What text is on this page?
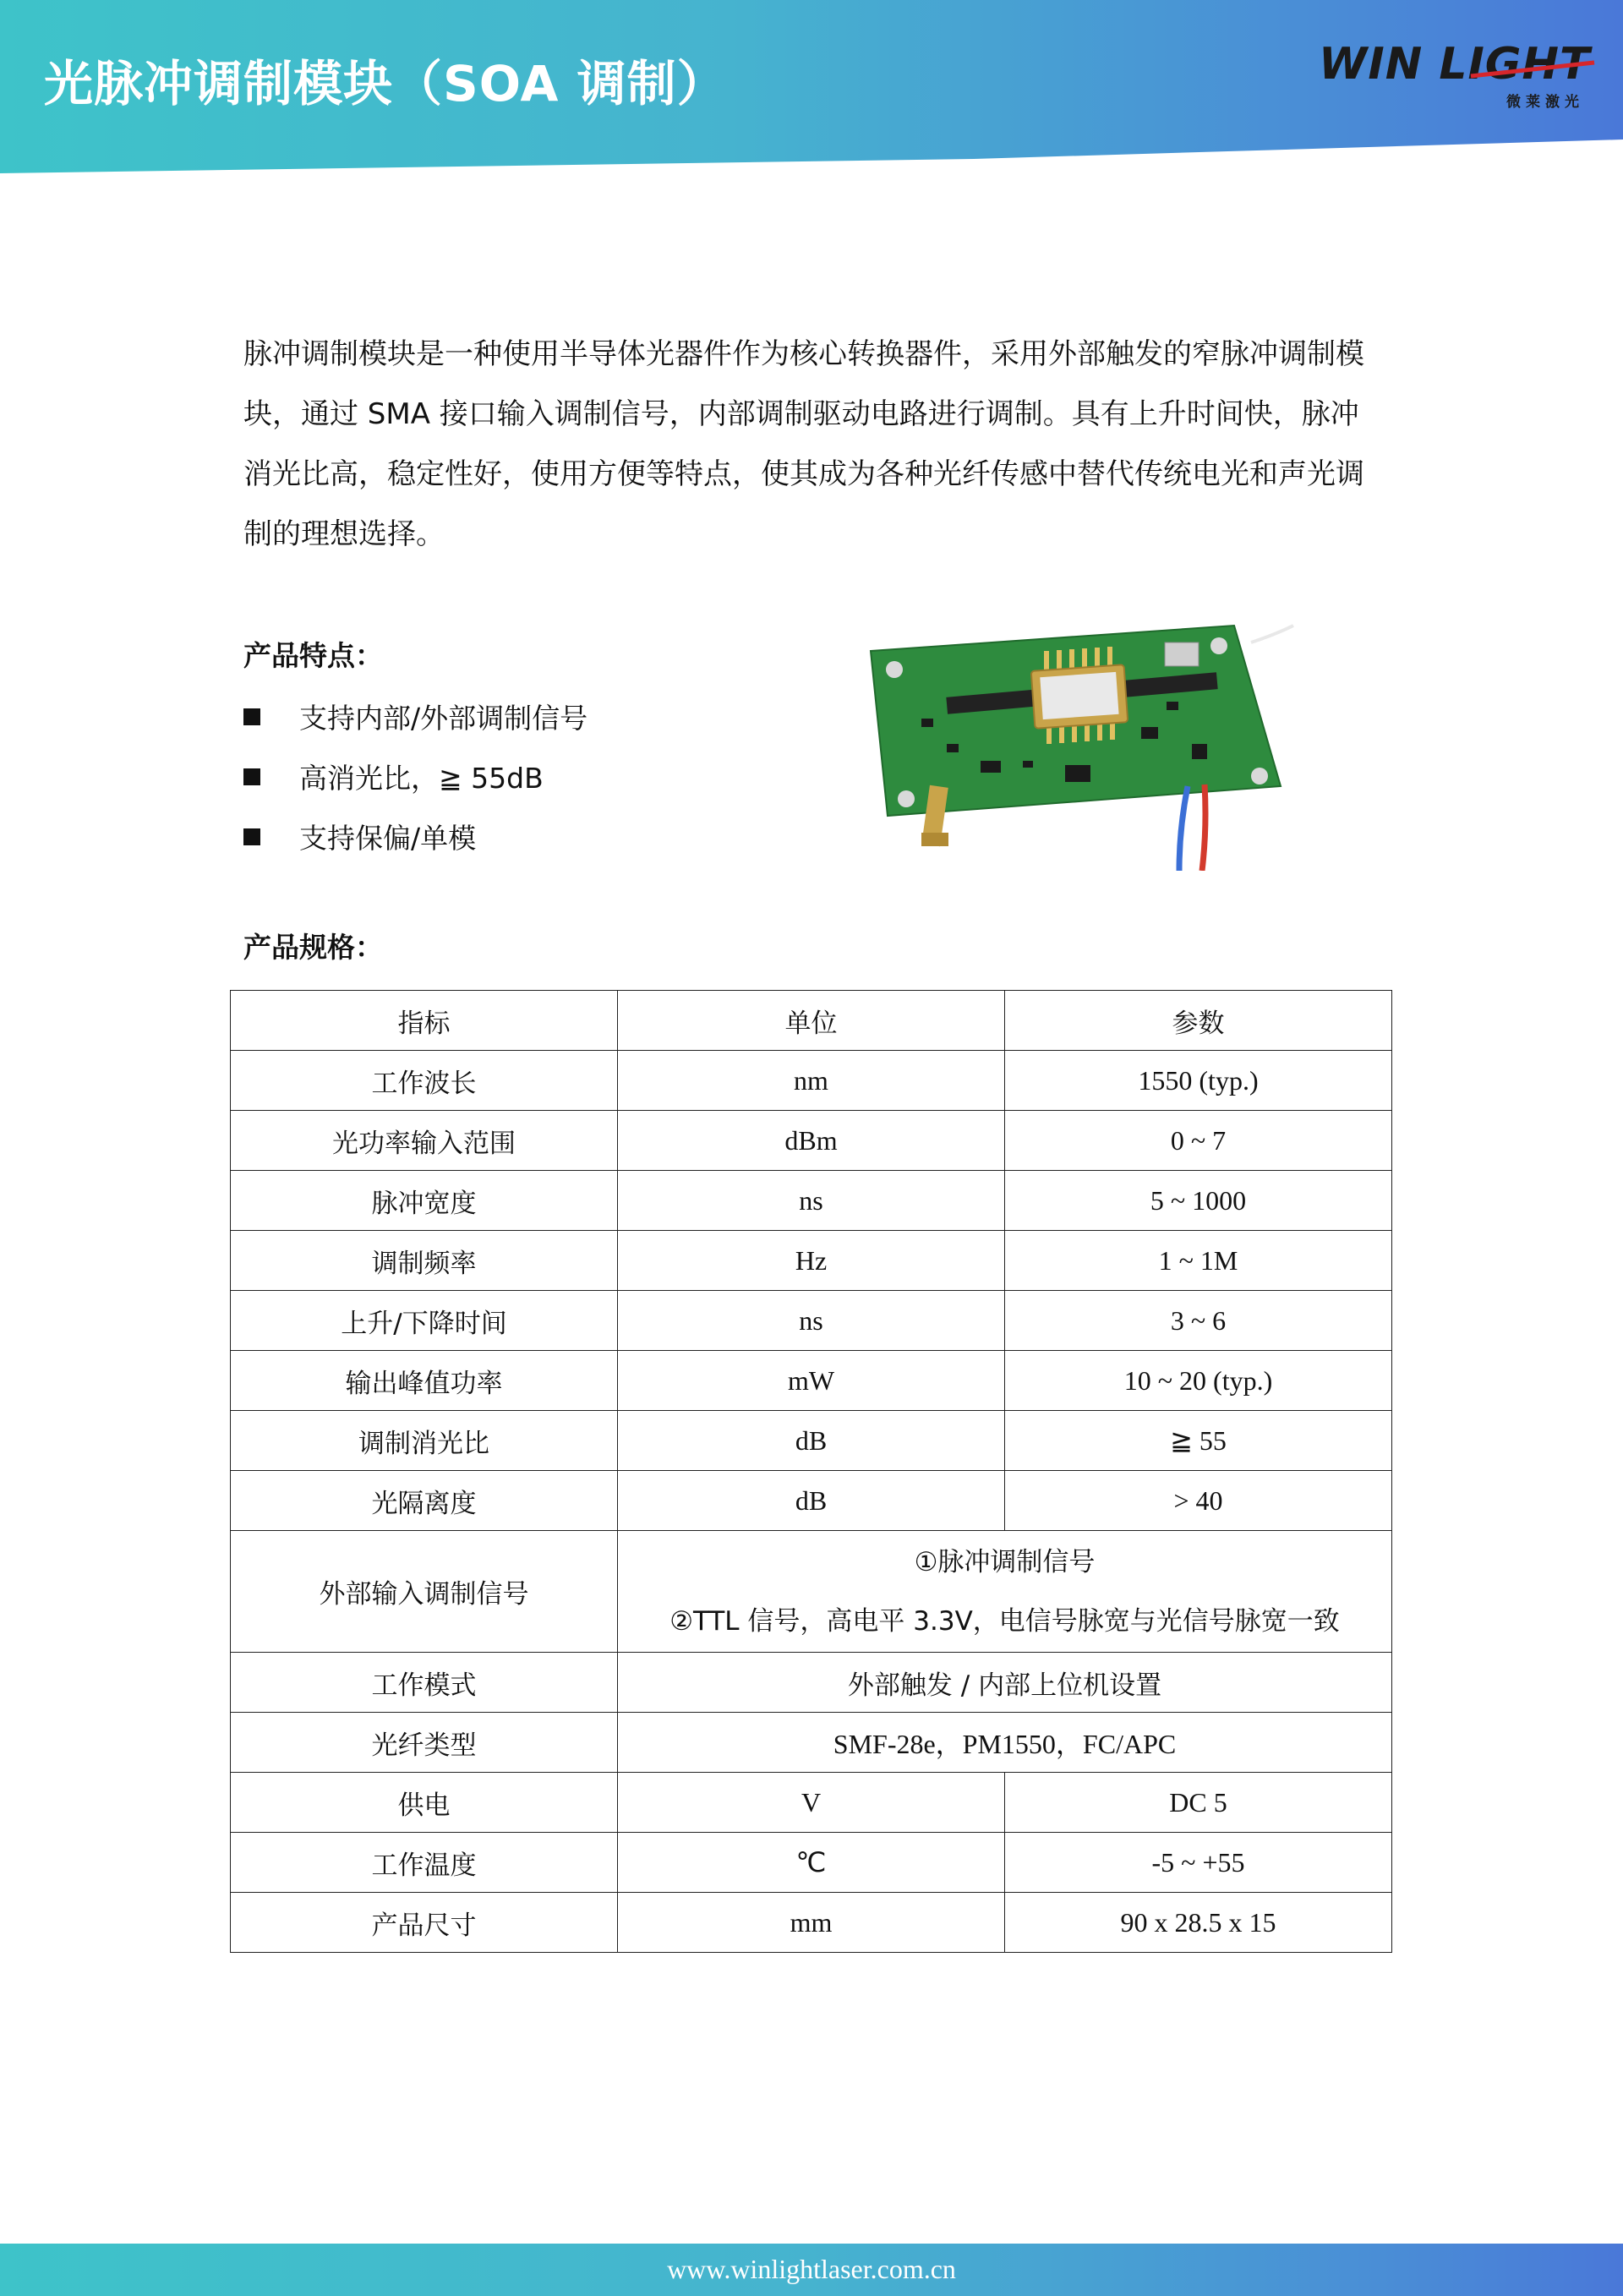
光脉冲调制模块（SOA 调制）	WIN LIGHT
微莱激光
脉冲调制模块是一种使用半导体光器件作为核心转换器件，采用外部触发的窄脉冲调制模块，通过 SMA 接口输入调制信号，内部调制驱动电路进行调制。具有上升时间快，脉冲消光比高，稳定性好，使用方便等特点，使其成为各种光纤传感中替代传统电光和声光调制的理想选择。
产品特点：
支持内部/外部调制信号
高消光比，≧ 55dB
支持保偏/单模
产品规格：
指标	单位	参数
工作波长	nm	1550 (typ.)
光功率输入范围	dBm	0 ~ 7
脉冲宽度	ns	5 ~ 1000
调制频率	Hz	1 ~ 1M
上升/下降时间	ns	3 ~ 6
输出峰值功率	mW	10 ~ 20 (typ.)
调制消光比	dB	≧ 55
光隔离度	dB	> 40
外部输入调制信号	①脉冲调制信号
②TTL 信号，高电平 3.3V，电信号脉宽与光信号脉宽一致	

工作模式	外部触发 / 内部上位机设置	
光纤类型	SMF-28e，PM1550，FC/APC	
供电	V	DC 5
工作温度	℃	-5 ~ +55
产品尺寸	mm	90 x 28.5 x 15
www.winlightlaser.com.cn
